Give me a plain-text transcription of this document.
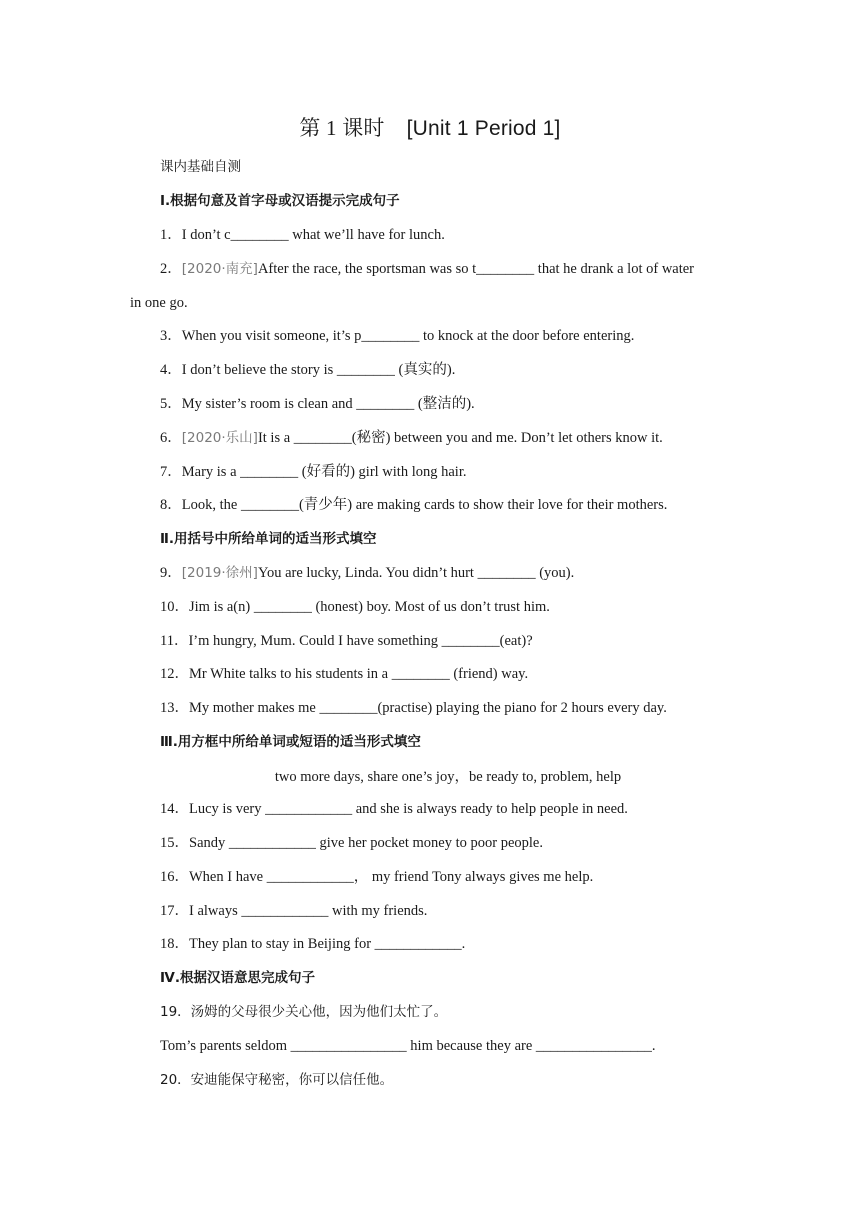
第 1 课时 [Unit 1 Period 1]
课内基础自测
Ⅰ.根据句意及首字母或汉语提示完成句子
1．I don’t c________ what we’ll have for lunch.
2．[2020·南充]After the race, the sportsman was so t________ that he drank a lot of water
in one go.
3．When you visit someone, it’s p________ to knock at the door before entering.
4．I don’t believe the story is ________ (真实的).
5．My sister’s room is clean and ________ (整洁的).
6．[2020·乐山]It is a ________(秘密) between you and me. Don’t let others know it.
7．Mary is a ________ (好看的) girl with long hair.
8．Look, the ________(青少年) are making cards to show their love for their mothers.
Ⅱ.用括号中所给单词的适当形式填空
9．[2019·徐州]You are lucky, Linda. You didn’t hurt ________ (you).
10．Jim is a(n) ________ (honest) boy. Most of us don’t trust him.
11．I’m hungry, Mum. Could I have something ________(eat)?
12．Mr White talks to his students in a ________ (friend) way.
13．My mother makes me ________(practise) playing the piano for 2 hours every day.
Ⅲ.用方框中所给单词或短语的适当形式填空
two more days, share one’s joy，be ready to, problem, help
14．Lucy is very ____________ and she is always ready to help people in need.
15．Sandy ____________ give her pocket money to poor people.
16．When I have ____________， my friend Tony always gives me help.
17．I always ____________ with my friends.
18．They plan to stay in Beijing for ____________.
Ⅳ.根据汉语意思完成句子
19．汤姆的父母很少关心他，因为他们太忙了。
Tom’s parents seldom ________________ him because they are ________________.
20．安迪能保守秘密，你可以信任他。
